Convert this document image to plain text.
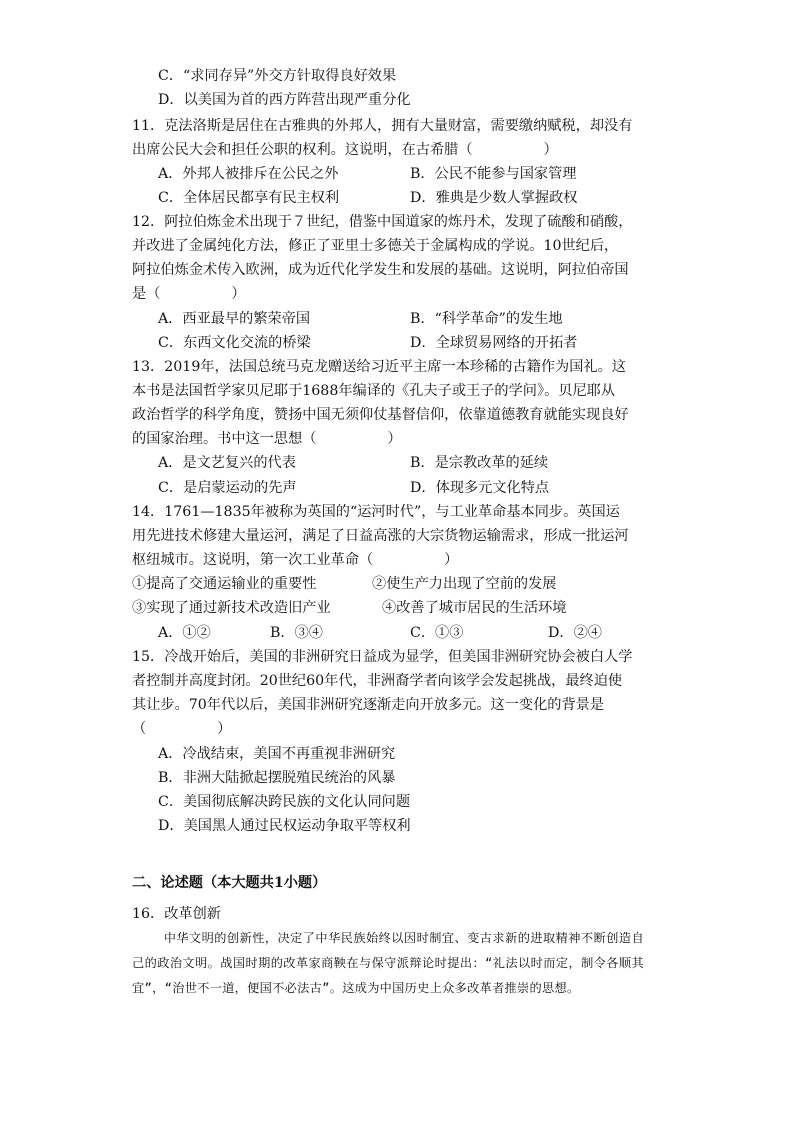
C．“求同存异”外交方针取得良好效果
D．以美国为首的西方阵营出现严重分化
11．克法洛斯是居住在古雅典的外邦人，拥有大量财富，需要缴纳赋税，却没有
出席公民大会和担任公职的权利。这说明，在古希腊（　　　　　）
A．外邦人被排斥在公民之外	B．公民不能参与国家管理
C．全体居民都享有民主权利	D．雅典是少数人掌握政权
12．阿拉伯炼金术出现于７世纪，借鉴中国道家的炼丹术，发现了硫酸和硝酸，
并改进了金属纯化方法，修正了亚里士多德关于金属构成的学说。10世纪后，
阿拉伯炼金术传入欧洲，成为近代化学发生和发展的基础。这说明，阿拉伯帝国
是（　　　　　）
A．西亚最早的繁荣帝国	B．“科学革命”的发生地
C．东西文化交流的桥梁	D．全球贸易网络的开拓者
13．2019年，法国总统马克龙赠送给习近平主席一本珍稀的古籍作为国礼。这
本书是法国哲学家贝尼耶于1688年编译的《孔夫子或王子的学问》。贝尼耶从
政治哲学的科学角度，赞扬中国无须仰仗基督信仰，依靠道德教育就能实现良好
的国家治理。书中这一思想（　　　　　）
A．是文艺复兴的代表	B．是宗教改革的延续
C．是启蒙运动的先声	D．体现多元文化特点
14．1761—1835年被称为英国的“运河时代”，与工业革命基本同步。英国运
用先进技术修建大量运河，满足了日益高涨的大宗货物运输需求，形成一批运河
枢纽城市。这说明，第一次工业革命（　　　　　）
①提高了交通运输业的重要性	②使生产力出现了空前的发展
③实现了通过新技术改造旧产业	④改善了城市居民的生活环境
A．①②	B．③④	C．①③	D．②④
15．冷战开始后，美国的非洲研究日益成为显学，但美国非洲研究协会被白人学
者控制并高度封闭。20世纪60年代，非洲裔学者向该学会发起挑战，最终迫使
其让步。70年代以后，美国非洲研究逐渐走向开放多元。这一变化的背景是
（　　　　　）
A．冷战结束，美国不再重视非洲研究
B．非洲大陆掀起摆脱殖民统治的风暴
C．美国彻底解决跨民族的文化认同问题
D．美国黑人通过民权运动争取平等权利
二、论述题（本大题共1小题）
16．改革创新
中华文明的创新性，决定了中华民族始终以因时制宜、变古求新的进取精神不断创造自己的政治文明。战国时期的改革家商鞅在与保守派辩论时提出：“礼法以时而定，制令各顺其宜”，“治世不一道，便国不必法古”。这成为中国历史上众多改革者推崇的思想。
